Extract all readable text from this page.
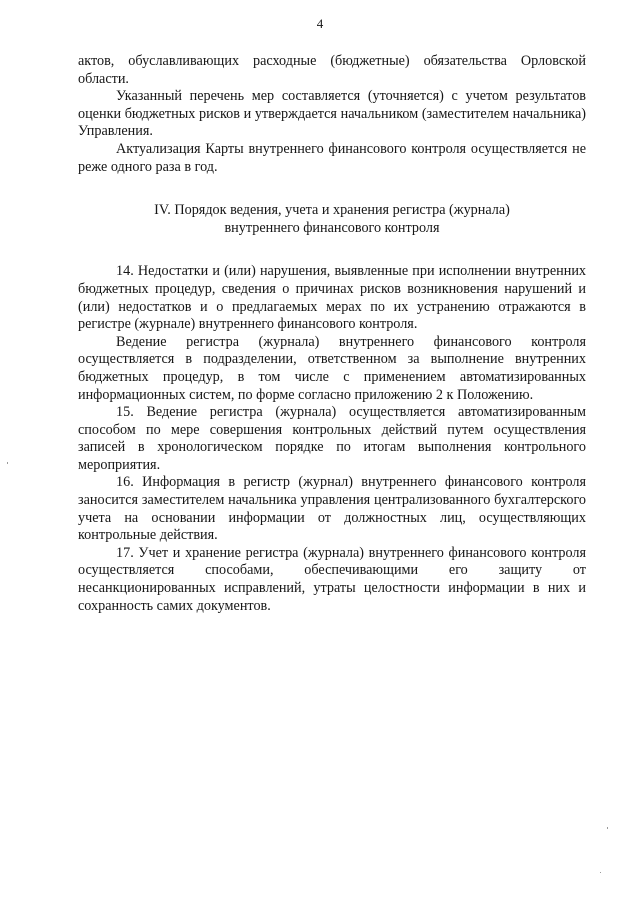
4

актов, обуславливающих расходные (бюджетные) обязательства Орловской области.

Указанный перечень мер составляется (уточняется) с учетом результатов оценки бюджетных рисков и утверждается начальником (заместителем начальника) Управления.

Актуализация Карты внутреннего финансового контроля осуществляется не реже одного раза в год.

IV. Порядок ведения, учета и хранения регистра (журнала)
внутреннего финансового контроля

14. Недостатки и (или) нарушения, выявленные при исполнении внутренних бюджетных процедур, сведения о причинах рисков возникновения нарушений и (или) недостатков и о предлагаемых мерах по их устранению отражаются в регистре (журнале) внутреннего финансового контроля.

Ведение регистра (журнала) внутреннего финансового контроля осуществляется в подразделении, ответственном за выполнение внутренних бюджетных процедур, в том числе с применением автоматизированных информационных систем, по форме согласно приложению 2 к Положению.

15. Ведение регистра (журнала) осуществляется автоматизированным способом по мере совершения контрольных действий путем осуществления записей в хронологическом порядке по итогам выполнения контрольного мероприятия.

16. Информация в регистр (журнал) внутреннего финансового контроля заносится заместителем начальника управления централизованного бухгалтерского учета на основании информации от должностных лиц, осуществляющих контрольные действия.

17. Учет и хранение регистра (журнала) внутреннего финансового контроля осуществляется способами, обеспечивающими его защиту от несанкционированных исправлений, утраты целостности информации в них и сохранность самих документов.
